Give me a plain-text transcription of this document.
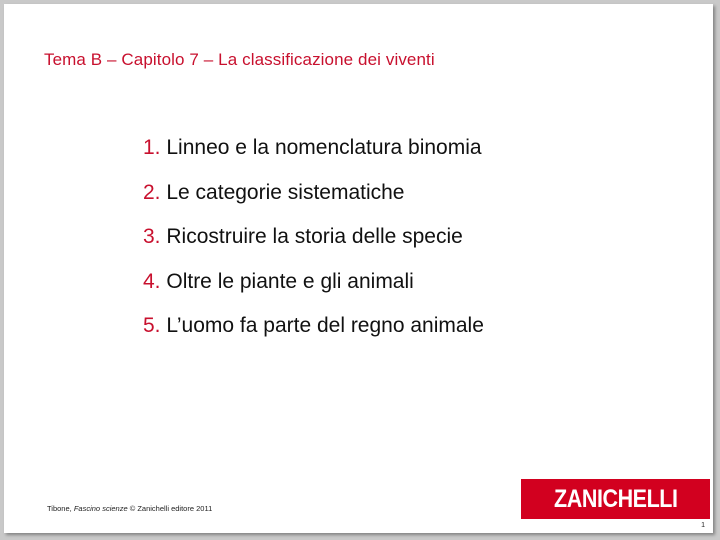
Tema B – Capitolo 7 – La classificazione dei viventi
1. Linneo e la nomenclatura binomia
2. Le categorie sistematiche
3. Ricostruire la storia delle specie
4. Oltre le piante e gli animali
5. L’uomo fa parte del regno animale
Tibone, Fascino scienze © Zanichelli editore 2011	ZANICHELLI
1
